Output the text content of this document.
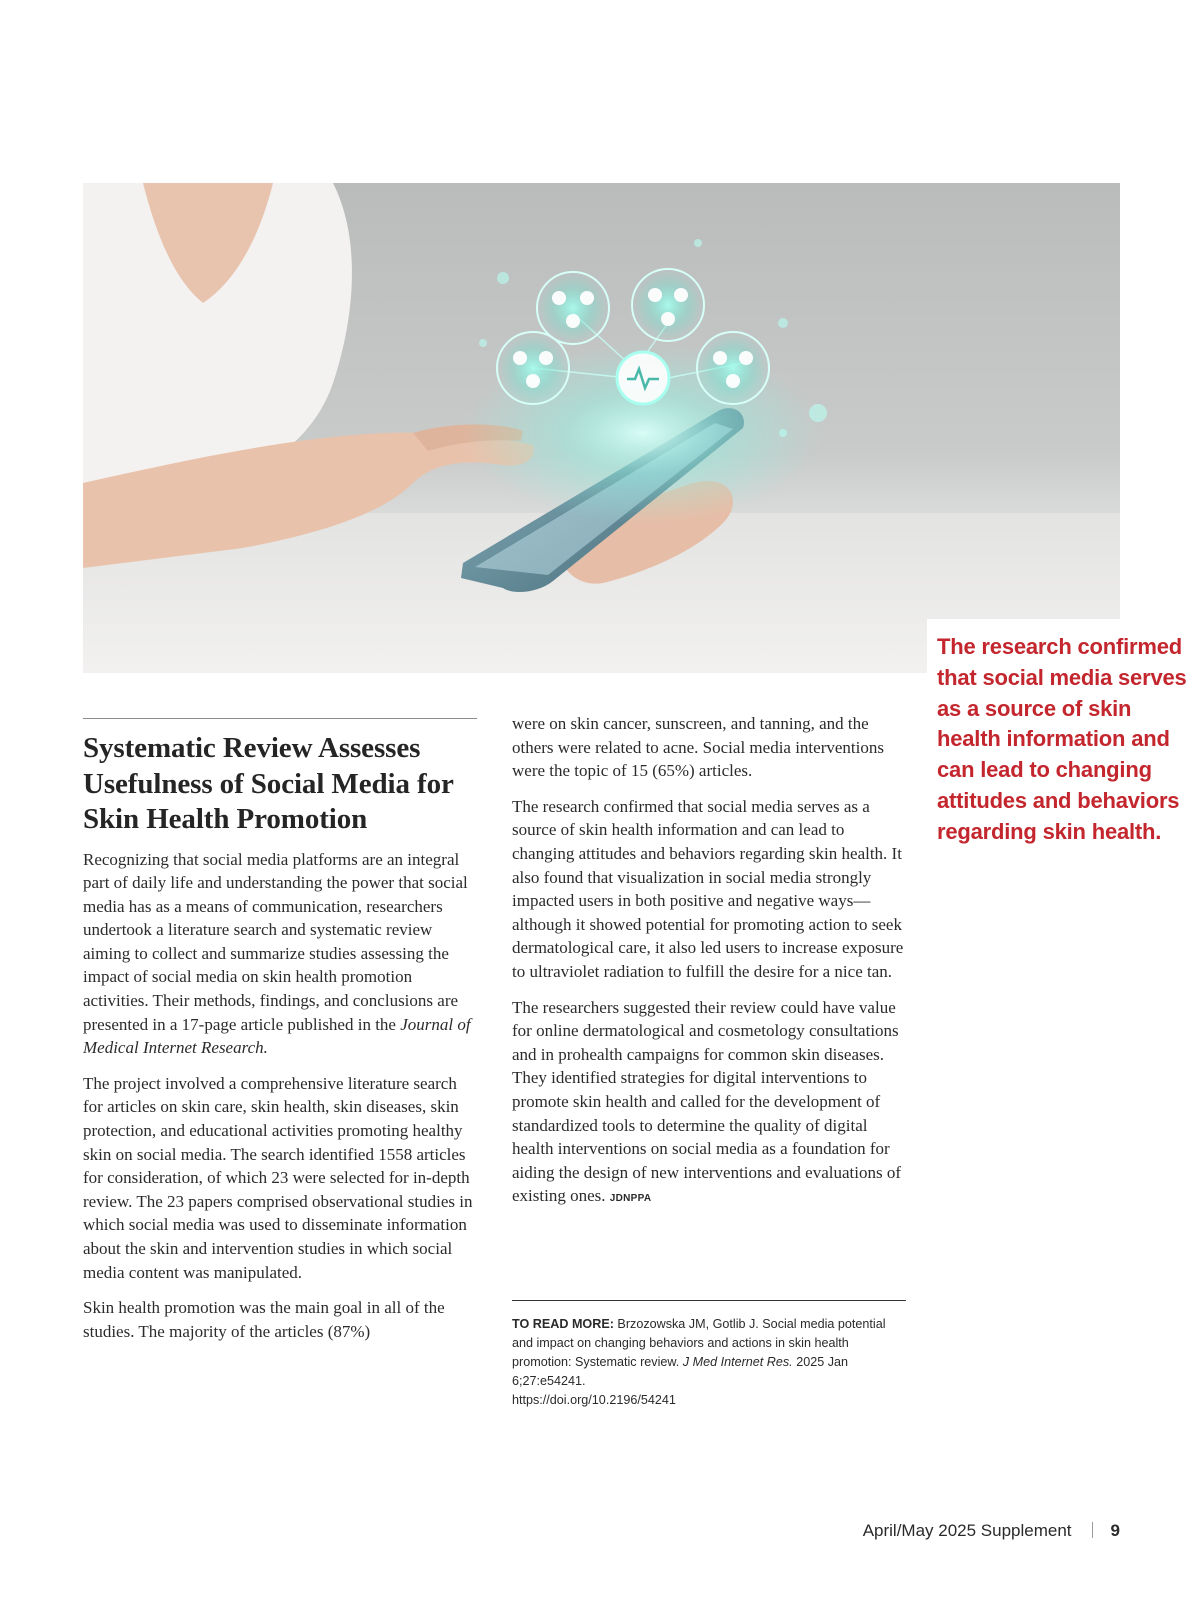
The research confirmed that social media serves as a source of skin health information and can lead to changing attitudes and behaviors regarding skin health.

Systematic Review Assesses Usefulness of Social Media for Skin Health Promotion

Recognizing that social media platforms are an integral part of daily life and understanding the power that social media has as a means of communication, researchers undertook a literature search and systematic review aiming to collect and summarize studies assessing the impact of social media on skin health promotion activities. Their methods, findings, and conclusions are presented in a 17-page article published in the Journal of Medical Internet Research.

The project involved a comprehensive literature search for articles on skin care, skin health, skin diseases, skin protection, and educational activities promoting healthy skin on social media. The search identified 1558 articles for consideration, of which 23 were selected for in-depth review. The 23 papers comprised observational studies in which social media was used to disseminate information about the skin and intervention studies in which social media content was manipulated.

Skin health promotion was the main goal in all of the studies. The majority of the articles (87%)

were on skin cancer, sunscreen, and tanning, and the others were related to acne. Social media interventions were the topic of 15 (65%) articles.

The research confirmed that social media serves as a source of skin health information and can lead to changing attitudes and behaviors regarding skin health. It also found that visualization in social media strongly impacted users in both positive and negative ways—although it showed potential for promoting action to seek dermatological care, it also led users to increase exposure to ultraviolet radiation to fulfill the desire for a nice tan.

The researchers suggested their review could have value for online dermatological and cosmetology consultations and in prohealth campaigns for common skin diseases. They identified strategies for digital interventions to promote skin health and called for the development of standardized tools to determine the quality of digital health interventions on social media as a foundation for aiding the design of new interventions and evaluations of existing ones. JDNPPA

TO READ MORE: Brzozowska JM, Gotlib J. Social media potential and impact on changing behaviors and actions in skin health promotion: Systematic review. J Med Internet Res. 2025 Jan 6;27:e54241.
https://doi.org/10.2196/54241
April/May 2025 Supplement 9
